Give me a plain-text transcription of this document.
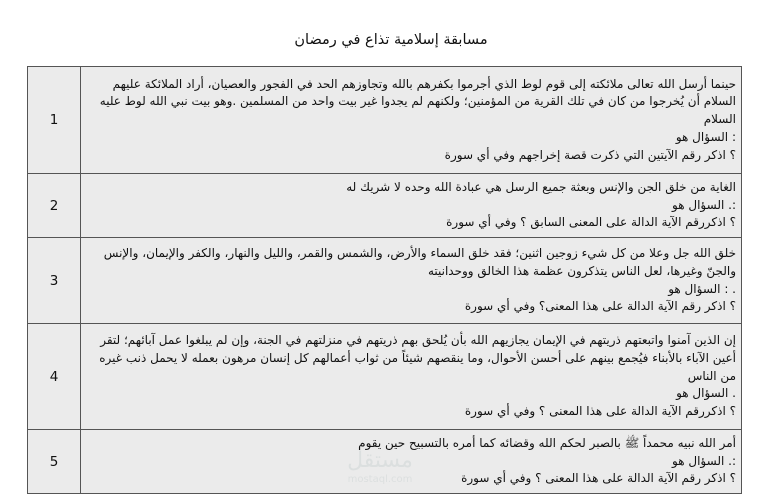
مسابقة إسلامية تذاع في رمضان
حينما أرسل الله تعالى ملائكته إلى قوم لوط الذي أجرموا بكفرهم بالله وتجاوزهم الحد في الفجور والعصيان، أراد الملائكة عليهم السلام أن يُخرجوا من كان في تلك القرية من المؤمنين؛ ولكنهم لم يجدوا غير بيت واحد من المسلمين .وهو بيت نبي الله لوط عليه السلام
: السؤال هو
؟ اذكر رقم الآيتين التي ذكرت قصة إخراجهم وفي أي سورة	1

الغاية من خلق الجن والإنس وبعثة جميع الرسل هي عبادة الله وحده لا شريك له
:. السؤال هو
؟ اذكررقم الآية الدالة على المعنى السابق ؟ وفي أي سورة	2

خلق الله جل وعلا من كل شيء زوجين اثنين؛ فقد خلق السماء والأرض، والشمس والقمر، والليل والنهار، والكفر والإيمان، والإنس والجنّ وغيرها، لعل الناس يتذكرون عظمة هذا الخالق ووحدانيته
. : السؤال هو
؟ اذكر رقم الآية الدالة على هذا المعنى؟ وفي أي سورة	3

إن الذين آمنوا واتبعتهم ذريتهم في الإيمان يجازيهم الله بأن يُلحق بهم ذريتهم في منزلتهم في الجنة، وإن لم يبلغوا عمل آبائهم؛ لتقر أعين الآباء بالأبناء فيُجمع بينهم على أحسن الأحوال، وما ينقصهم شيئاً من ثواب أعمالهم كل إنسان مرهون بعمله لا يحمل ذنب غيره من الناس
. السؤال هو
؟ اذكررقم الآية الدالة على هذا المعنى ؟ وفي أي سورة	4

أمر الله نبيه محمداً ﷺ بالصبر لحكم الله وقضائه كما أمره بالتسبيح حين يقوم
:. السؤال هو
؟ اذكر رقم الآية الدالة على هذا المعنى ؟ وفي أي سورة	5	مستقل
mostaql.com
